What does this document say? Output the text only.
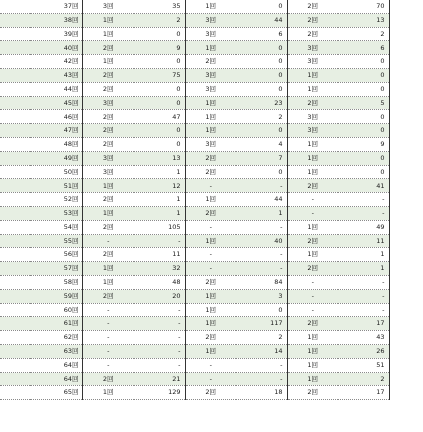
	37回	3回	35	1回	0	2回	70
	38回	1回	2	3回	44	2回	13
	39回	1回	0	3回	6	2回	2
	40回	2回	9	1回	0	3回	6
	42回	1回	0	2回	0	3回	0
	43回	2回	75	3回	0	1回	0
	44回	2回	0	3回	0	1回	0
	45回	3回	0	1回	23	2回	5
	46回	2回	47	1回	2	3回	0
	47回	2回	0	1回	0	3回	0
	48回	2回	0	3回	4	1回	9
	49回	3回	13	2回	7	1回	0
	50回	3回	1	2回	0	1回	0
	51回	1回	12	-	-	2回	41
	52回	2回	1	1回	44	-	-
	53回	1回	1	2回	1	-	-
	54回	2回	105	-	-	1回	49
	55回	-	-	1回	40	2回	11
	56回	2回	11	-	-	1回	1
	57回	1回	32	-	-	2回	1
	58回	1回	48	2回	84	-	-
	59回	2回	20	1回	3	-	-
	60回	-	-	1回	0	-	-
	61回	-	-	1回	117	2回	17
	62回	-	-	2回	2	1回	43
	63回	-	-	1回	14	1回	26
	64回	-	-	-	-	1回	51
	64回	2回	21	-	-	1回	2
	65回	1回	129	2回	18	2回	17
